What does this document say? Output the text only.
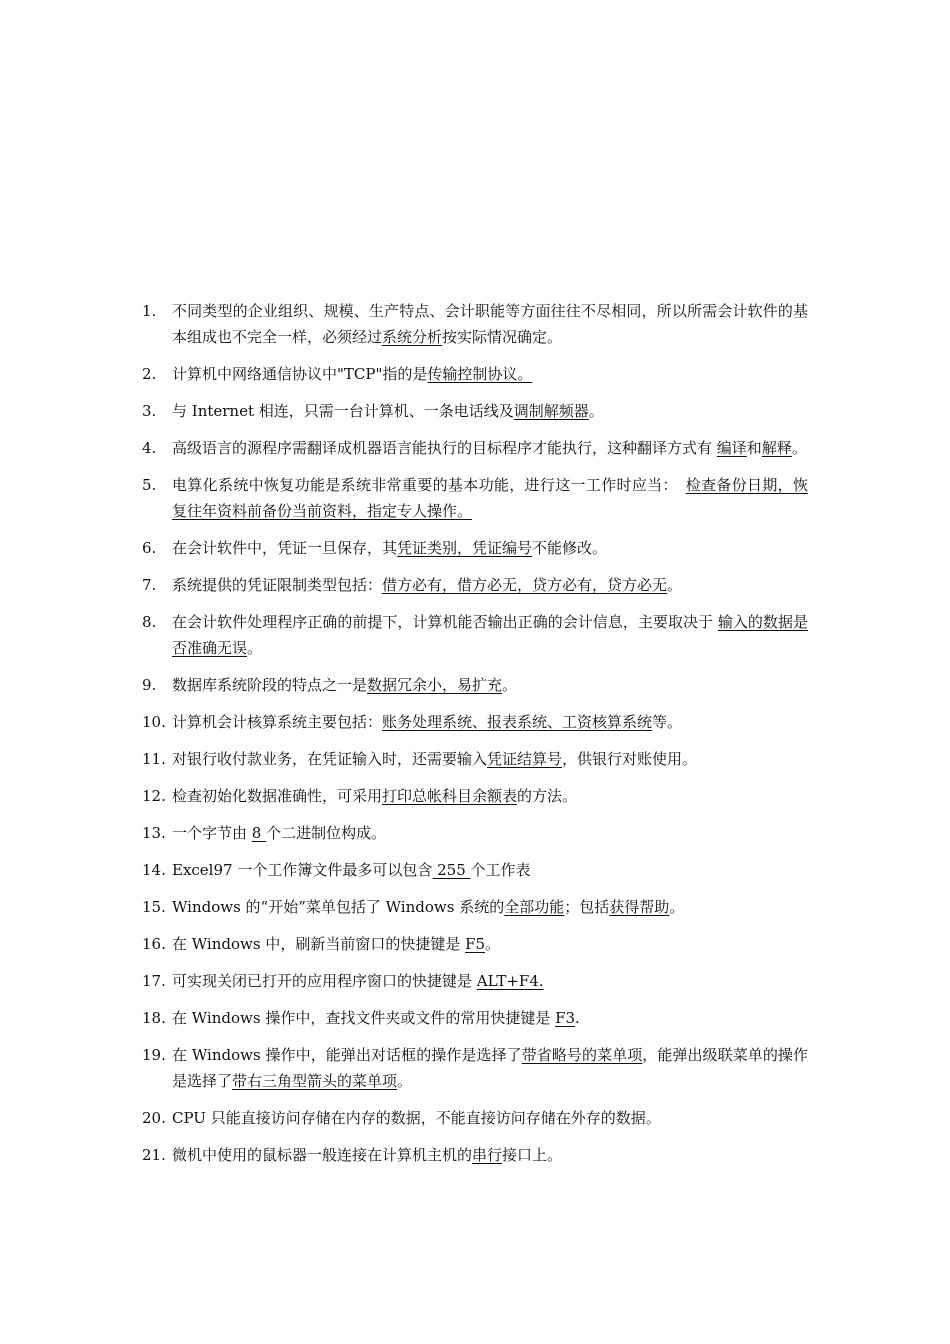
1.	不同类型的企业组织、规模、生产特点、会计职能等方面往往不尽相同，所以所需会计软件的基本组成也不完全一样，必须经过系统分析按实际情况确定。
2.	计算机中网络通信协议中"TCP"指的是传输控制协议。
3.	与 Internet 相连，只需一台计算机、一条电话线及调制解频器。
4.	高级语言的源程序需翻译成机器语言能执行的目标程序才能执行，这种翻译方式有 编译和解释。
5.	电算化系统中恢复功能是系统非常重要的基本功能，进行这一工作时应当：　检查备份日期，恢复往年资料前备份当前资料，指定专人操作。
6.	在会计软件中，凭证一旦保存，其凭证类别，凭证编号不能修改。
7.	系统提供的凭证限制类型包括：借方必有，借方必无，贷方必有，贷方必无。
8.	在会计软件处理程序正确的前提下，计算机能否输出正确的会计信息，主要取决于 输入的数据是否准确无误。
9.	数据库系统阶段的特点之一是数据冗余小，易扩充。
10. 计算机会计核算系统主要包括：账务处理系统、报表系统、工资核算系统等。
11. 对银行收付款业务，在凭证输入时，还需要输入凭证结算号，供银行对账使用。
12. 检查初始化数据准确性，可采用打印总帐科目余额表的方法。
13. 一个字节由 8 个二进制位构成。
14. Excel97 一个工作簿文件最多可以包含 255 个工作表
15. Windows 的“开始”菜单包括了 Windows 系统的全部功能；包括获得帮助。
16. 在 Windows 中，刷新当前窗口的快捷键是 F5。
17. 可实现关闭已打开的应用程序窗口的快捷键是 ALT+F4.
18. 在 Windows 操作中，查找文件夹或文件的常用快捷键是 F3.
19. 在 Windows 操作中，能弹出对话框的操作是选择了带省略号的菜单项，能弹出级联菜单的操作是选择了带右三角型箭头的菜单项。
20. CPU 只能直接访问存储在内存的数据，不能直接访问存储在外存的数据。
21. 微机中使用的鼠标器一般连接在计算机主机的串行接口上。
